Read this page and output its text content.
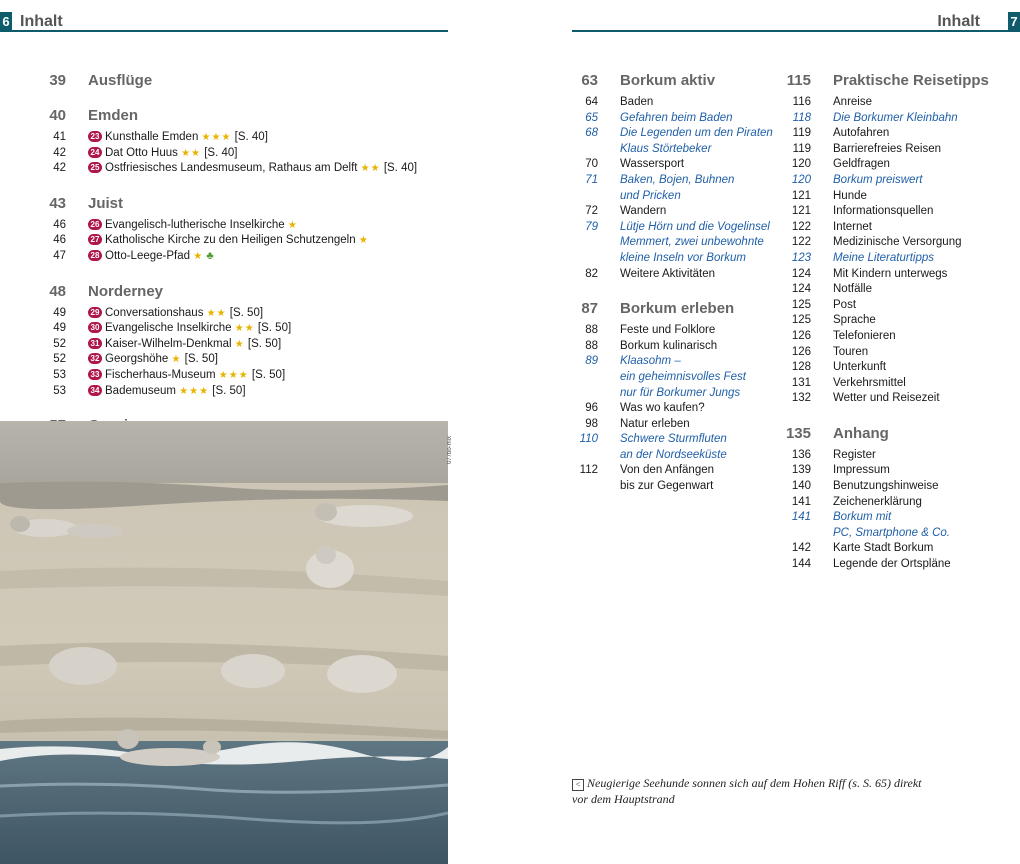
6 Inhalt	Inhalt 7
39 Ausflüge
40 Emden
41	23 Kunsthalle Emden ★★★ [S. 40]
42	24 Dat Otto Huus ★★ [S. 40]
42	25 Ostfriesisches Landesmuseum, Rathaus am Delft ★★ [S. 40]
43 Juist
46	26 Evangelisch-lutherische Inselkirche ★
46	27 Katholische Kirche zu den Heiligen Schutzengeln ★
47	28 Otto-Leege-Pfad ★ ♣
48 Norderney
49	29 Conversationshaus ★★ [S. 50]
49	30 Evangelische Inselkirche ★★ [S. 50]
52	31 Kaiser-Wilhelm-Denkmal ★ [S. 50]
52	32 Georgshöhe ★ [S. 50]
53	33 Fischerhaus-Museum ★★★ [S. 50]
53	34 Bademuseum ★★★ [S. 50]
63 Borkum aktiv
64 Baden
65 Gefahren beim Baden
68 Die Legenden um den Piraten
Klaus Störtebeker
70 Wassersport
71 Baken, Bojen, Buhnen
und Pricken
72 Wandern
79 Lütje Hörn und die Vogelinsel
Memmert, zwei unbewohnte
kleine Inseln vor Borkum
82 Weitere Aktivitäten
87 Borkum erleben
88 Feste und Folklore
88 Borkum kulinarisch
89 Klaasohm –
ein geheimnisvolles Fest
nur für Borkumer Jungs
96 Was wo kaufen?
98 Natur erleben
110 Schwere Sturmfluten
an der Nordseeküste
112 Von den Anfängen
bis zur Gegenwart
115 Praktische Reisetipps
116 Anreise
118 Die Borkumer Kleinbahn
119 Autofahren
119 Barrierefreies Reisen
120 Geldfragen
120 Borkum preiswert
121 Hunde
121 Informationsquellen
122 Internet
122 Medizinische Versorgung
123 Meine Literaturtipps
124 Mit Kindern unterwegs
124 Notfälle
125 Post
125 Sprache
126 Telefonieren
126 Touren
128 Unterkunft
131 Verkehrsmittel
132 Wetter und Reisezeit
135 Anhang
136 Register
139 Impressum
140 Benutzungshinweise
141 Zeichenerklärung
141 Borkum mit
PC, Smartphone & Co.
142 Karte Stadt Borkum
144 Legende der Ortspläne
077bo-mix
< Neugierige Seehunde sonnen sich auf dem Hohen Riff (s. S. 65) direkt vor dem Hauptstrand
